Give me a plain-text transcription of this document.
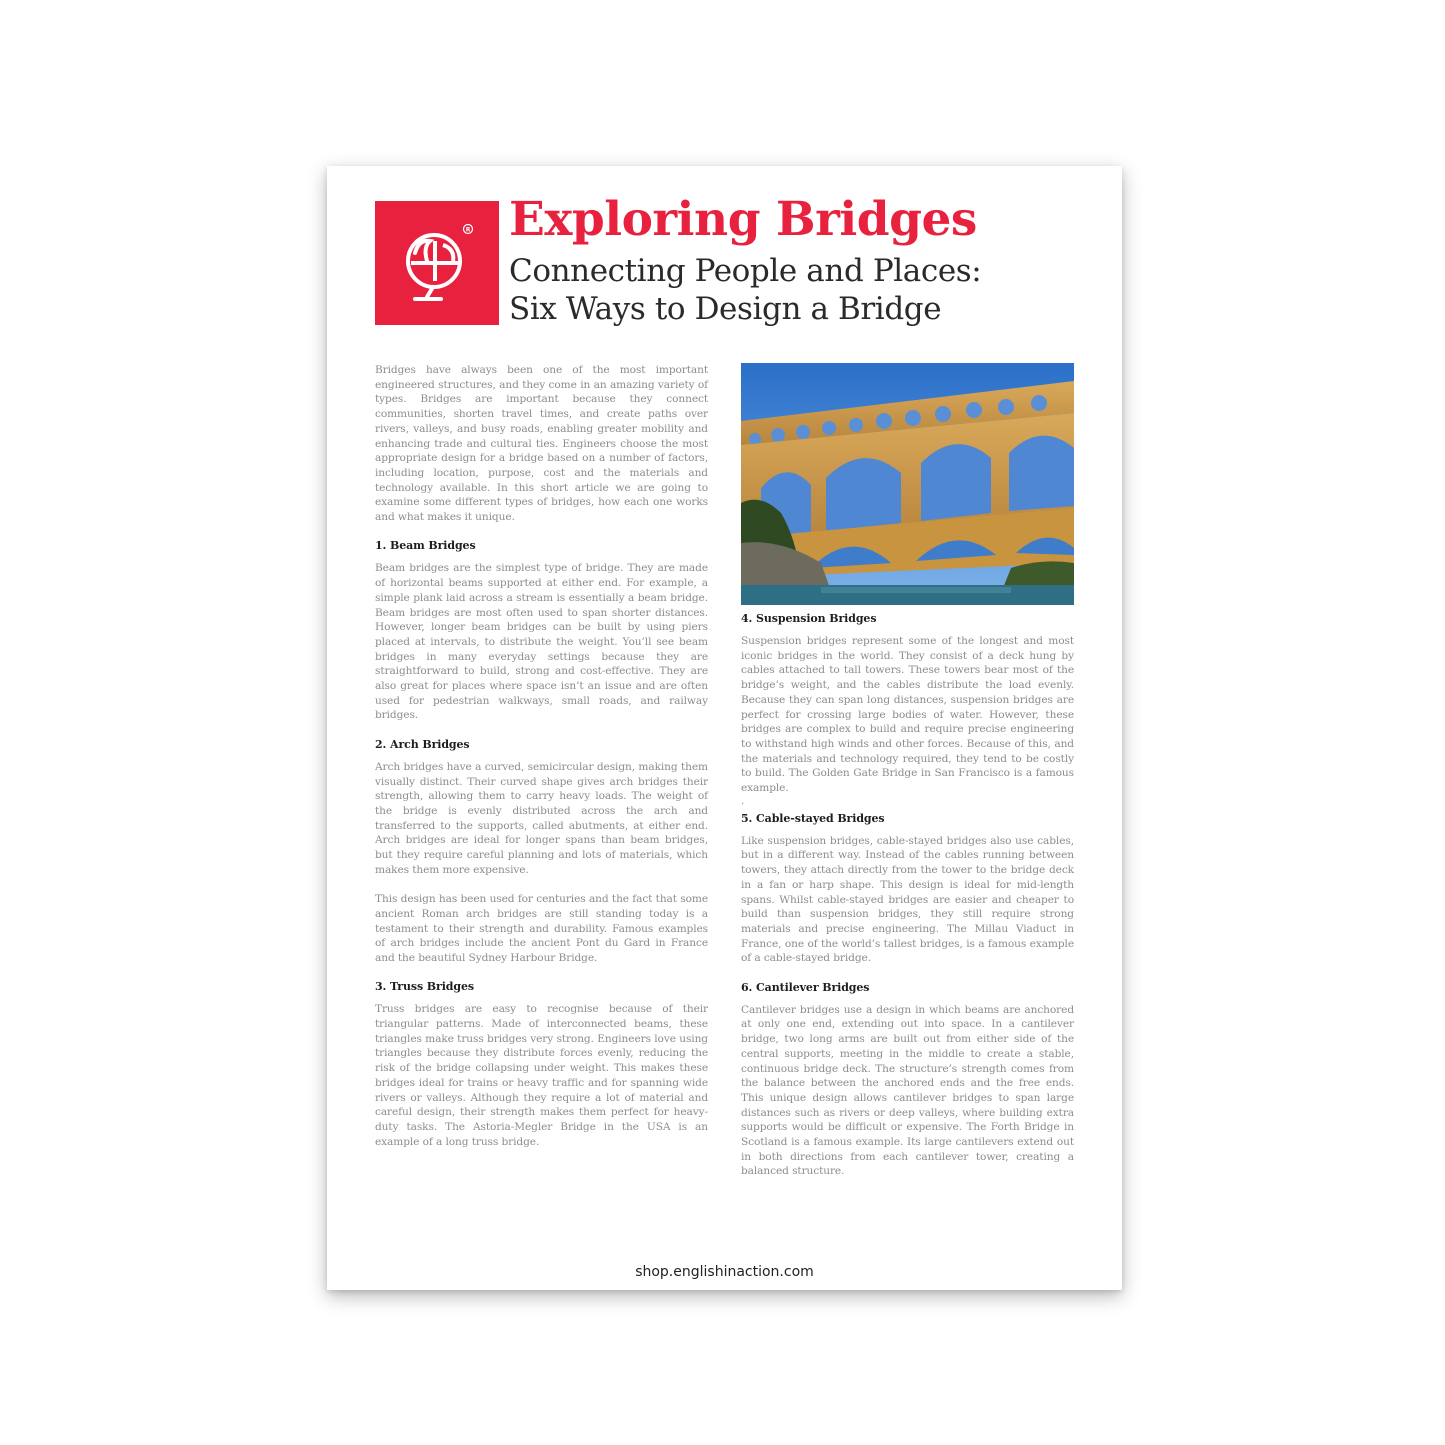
R Exploring Bridges
Connecting People and Places:
Six Ways to Design a Bridge

Bridges have always been one of the most important engineered structures, and they come in an amazing variety of types. Bridges are important because they connect communities, shorten travel times, and create paths over rivers, valleys, and busy roads, enabling greater mobility and enhancing trade and cultural ties. Engineers choose the most appropriate design for a bridge based on a number of factors, including location, purpose, cost and the materials and technology available. In this short article we are going to examine some different types of bridges, how each one works and what makes it unique.

1. Beam Bridges

Beam bridges are the simplest type of bridge. They are made of horizontal beams supported at either end. For example, a simple plank laid across a stream is essentially a beam bridge. Beam bridges are most often used to span shorter distances. However, longer beam bridges can be built by using piers placed at intervals, to distribute the weight. You’ll see beam bridges in many everyday settings because they are straightforward to build, strong and cost-effective. They are also great for places where space isn’t an issue and are often used for pedestrian walkways, small roads, and railway bridges.

2. Arch Bridges

Arch bridges have a curved, semicircular design, making them visually distinct. Their curved shape gives arch bridges their strength, allowing them to carry heavy loads. The weight of the bridge is evenly distributed across the arch and transferred to the supports, called abutments, at either end. Arch bridges are ideal for longer spans than beam bridges, but they require careful planning and lots of materials, which makes them more expensive.

This design has been used for centuries and the fact that some ancient Roman arch bridges are still standing today is a testament to their strength and durability. Famous examples of arch bridges include the ancient Pont du Gard in France and the beautiful Sydney Harbour Bridge.

3. Truss Bridges

Truss bridges are easy to recognise because of their triangular patterns. Made of interconnected beams, these triangles make truss bridges very strong. Engineers love using triangles because they distribute forces evenly, reducing the risk of the bridge collapsing under weight. This makes these bridges ideal for trains or heavy traffic and for spanning wide rivers or valleys. Although they require a lot of material and careful design, their strength makes them perfect for heavy-duty tasks. The Astoria-Megler Bridge in the USA is an example of a long truss bridge.

4. Suspension Bridges

Suspension bridges represent some of the longest and most iconic bridges in the world. They consist of a deck hung by cables attached to tall towers. These towers bear most of the bridge’s weight, and the cables distribute the load evenly. Because they can span long distances, suspension bridges are perfect for crossing large bodies of water. However, these bridges are complex to build and require precise engineering to withstand high winds and other forces. Because of this, and the materials and technology required, they tend to be costly to build. The Golden Gate Bridge in San Francisco is a famous example.

.
5. Cable-stayed Bridges

Like suspension bridges, cable-stayed bridges also use cables, but in a different way. Instead of the cables running between towers, they attach directly from the tower to the bridge deck in a fan or harp shape. This design is ideal for mid-length spans. Whilst cable-stayed bridges are easier and cheaper to build than suspension bridges, they still require strong materials and precise engineering. The Millau Viaduct in France, one of the world’s tallest bridges, is a famous example of a cable-stayed bridge.

6. Cantilever Bridges

Cantilever bridges use a design in which beams are anchored at only one end, extending out into space. In a cantilever bridge, two long arms are built out from either side of the central supports, meeting in the middle to create a stable, continuous bridge deck. The structure’s strength comes from the balance between the anchored ends and the free ends. This unique design allows cantilever bridges to span large distances such as rivers or deep valleys, where building extra supports would be difficult or expensive. The Forth Bridge in Scotland is a famous example. Its large cantilevers extend out in both directions from each cantilever tower, creating a balanced structure.

shop.englishinaction.com
